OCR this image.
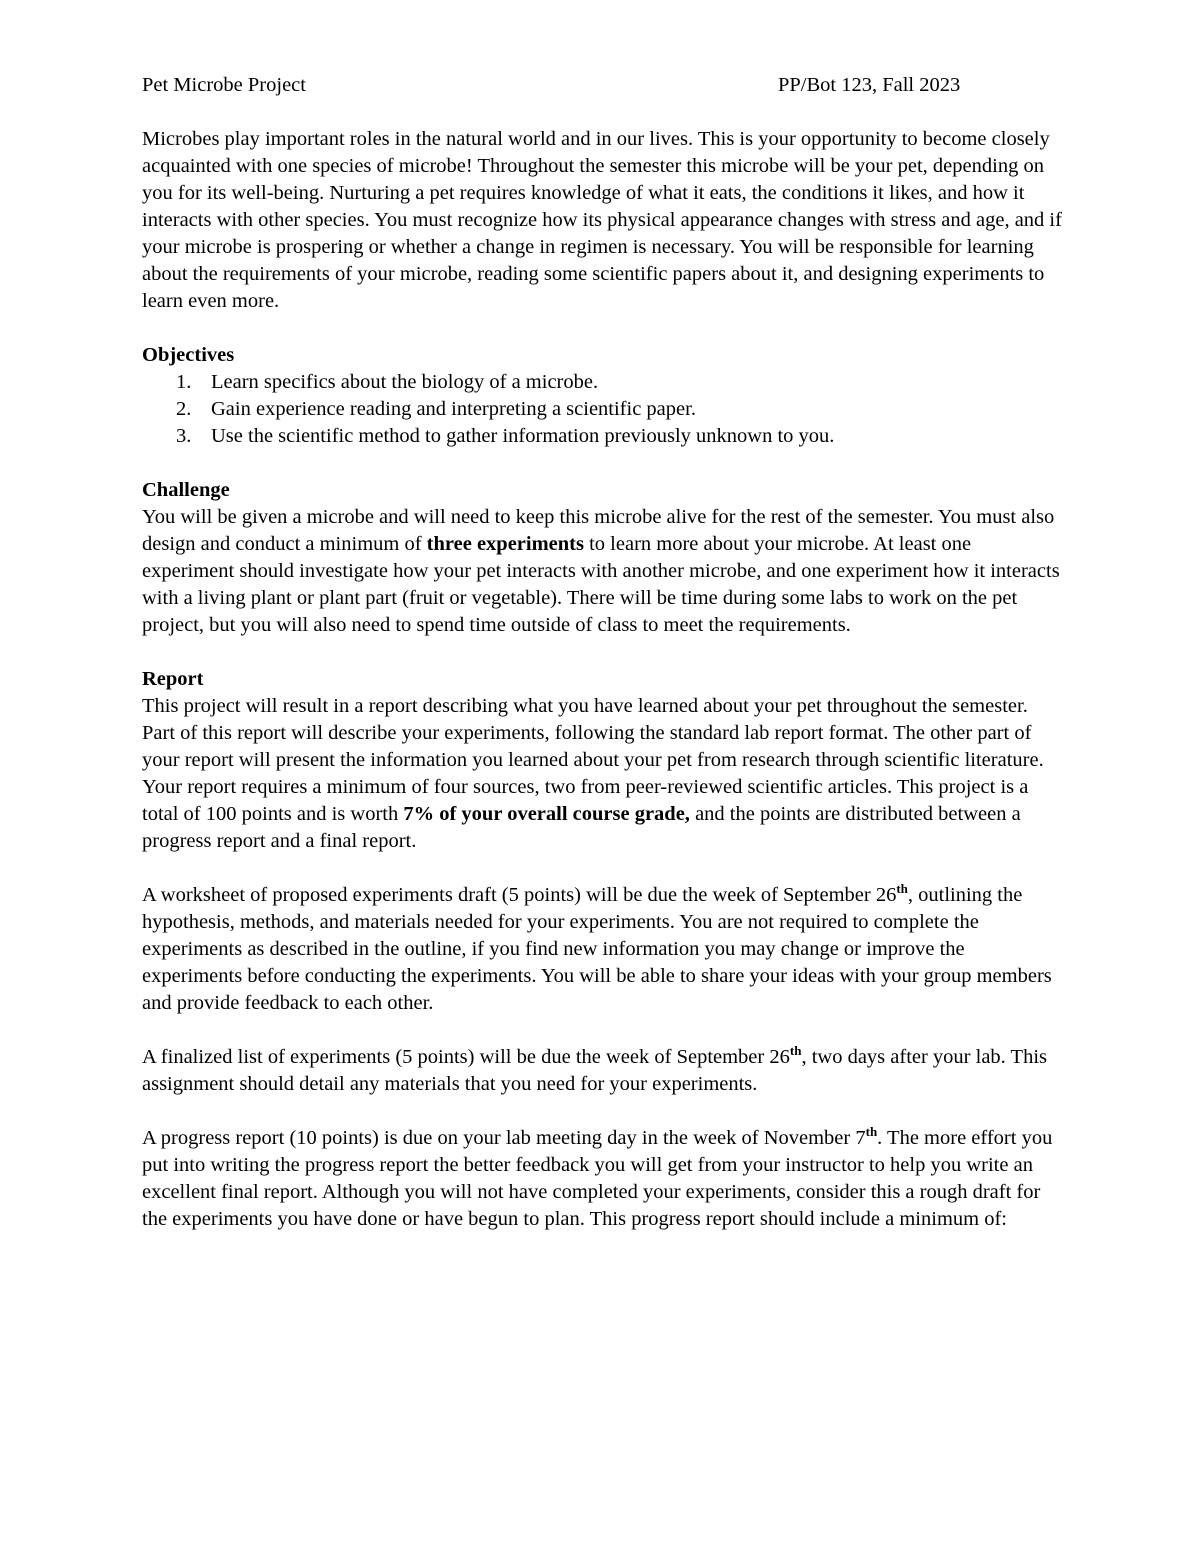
Pet Microbe Project	PP/Bot 123, Fall 2023

Microbes play important roles in the natural world and in our lives. This is your opportunity to become closely acquainted with one species of microbe! Throughout the semester this microbe will be your pet, depending on you for its well-being. Nurturing a pet requires knowledge of what it eats, the conditions it likes, and how it interacts with other species. You must recognize how its physical appearance changes with stress and age, and if your microbe is prospering or whether a change in regimen is necessary. You will be responsible for learning about the requirements of your microbe, reading some scientific papers about it, and designing experiments to learn even more.

Objectives
1. Learn specifics about the biology of a microbe.
2. Gain experience reading and interpreting a scientific paper.
3. Use the scientific method to gather information previously unknown to you.
Challenge

You will be given a microbe and will need to keep this microbe alive for the rest of the semester. You must also design and conduct a minimum of three experiments to learn more about your microbe. At least one experiment should investigate how your pet interacts with another microbe, and one experiment how it interacts with a living plant or plant part (fruit or vegetable). There will be time during some labs to work on the pet project, but you will also need to spend time outside of class to meet the requirements.

Report

This project will result in a report describing what you have learned about your pet throughout the semester. Part of this report will describe your experiments, following the standard lab report format. The other part of your report will present the information you learned about your pet from research through scientific literature. Your report requires a minimum of four sources, two from peer-reviewed scientific articles. This project is a total of 100 points and is worth 7% of your overall course grade, and the points are distributed between a progress report and a final report.

A worksheet of proposed experiments draft (5 points) will be due the week of September 26th, outlining the hypothesis, methods, and materials needed for your experiments. You are not required to complete the experiments as described in the outline, if you find new information you may change or improve the experiments before conducting the experiments. You will be able to share your ideas with your group members and provide feedback to each other.

A finalized list of experiments (5 points) will be due the week of September 26th, two days after your lab. This assignment should detail any materials that you need for your experiments.

A progress report (10 points) is due on your lab meeting day in the week of November 7th. The more effort you put into writing the progress report the better feedback you will get from your instructor to help you write an excellent final report. Although you will not have completed your experiments, consider this a rough draft for the experiments you have done or have begun to plan. This progress report should include a minimum of:
